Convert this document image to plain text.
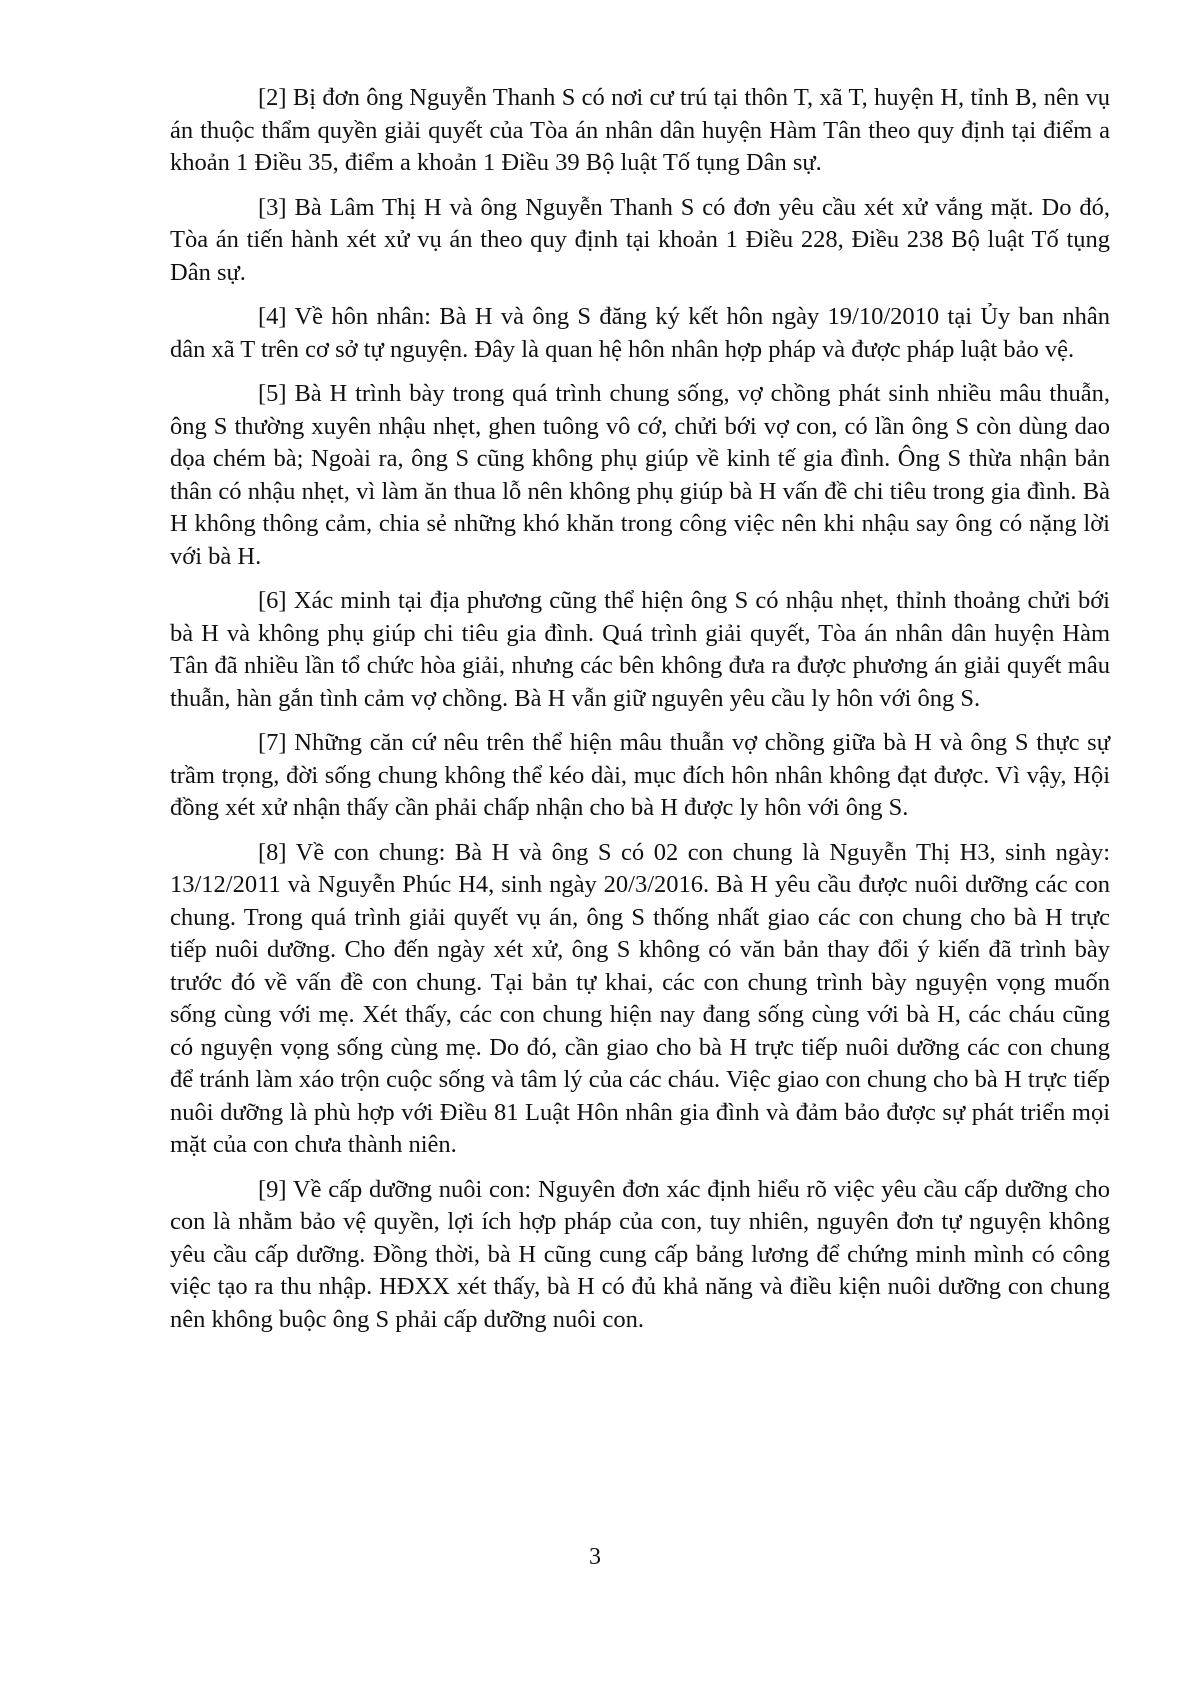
[2] Bị đơn ông Nguyễn Thanh S có nơi cư trú tại thôn T, xã T, huyện H, tỉnh B, nên vụ án thuộc thẩm quyền giải quyết của Tòa án nhân dân huyện Hàm Tân theo quy định tại điểm a khoản 1 Điều 35, điểm a khoản 1 Điều 39 Bộ luật Tố tụng Dân sự.

[3] Bà Lâm Thị H và ông Nguyễn Thanh S có đơn yêu cầu xét xử vắng mặt. Do đó, Tòa án tiến hành xét xử vụ án theo quy định tại khoản 1 Điều 228, Điều 238 Bộ luật Tố tụng Dân sự.

[4] Về hôn nhân: Bà H và ông S đăng ký kết hôn ngày 19/10/2010 tại Ủy ban nhân dân xã T trên cơ sở tự nguyện. Đây là quan hệ hôn nhân hợp pháp và được pháp luật bảo vệ.

[5] Bà H trình bày trong quá trình chung sống, vợ chồng phát sinh nhiều mâu thuẫn, ông S thường xuyên nhậu nhẹt, ghen tuông vô cớ, chửi bới vợ con, có lần ông S còn dùng dao dọa chém bà; Ngoài ra, ông S cũng không phụ giúp về kinh tế gia đình. Ông S thừa nhận bản thân có nhậu nhẹt, vì làm ăn thua lỗ nên không phụ giúp bà H vấn đề chi tiêu trong gia đình. Bà H không thông cảm, chia sẻ những khó khăn trong công việc nên khi nhậu say ông có nặng lời với bà H.

[6] Xác minh tại địa phương cũng thể hiện ông S có nhậu nhẹt, thỉnh thoảng chửi bới bà H và không phụ giúp chi tiêu gia đình. Quá trình giải quyết, Tòa án nhân dân huyện Hàm Tân đã nhiều lần tổ chức hòa giải, nhưng các bên không đưa ra được phương án giải quyết mâu thuẫn, hàn gắn tình cảm vợ chồng. Bà H vẫn giữ nguyên yêu cầu ly hôn với ông S.

[7] Những căn cứ nêu trên thể hiện mâu thuẫn vợ chồng giữa bà H và ông S thực sự trầm trọng, đời sống chung không thể kéo dài, mục đích hôn nhân không đạt được. Vì vậy, Hội đồng xét xử nhận thấy cần phải chấp nhận cho bà H được ly hôn với ông S.

[8] Về con chung: Bà H và ông S có 02 con chung là Nguyễn Thị H3, sinh ngày: 13/12/2011 và Nguyễn Phúc H4, sinh ngày 20/3/2016. Bà H yêu cầu được nuôi dưỡng các con chung. Trong quá trình giải quyết vụ án, ông S thống nhất giao các con chung cho bà H trực tiếp nuôi dưỡng. Cho đến ngày xét xử, ông S không có văn bản thay đổi ý kiến đã trình bày trước đó về vấn đề con chung. Tại bản tự khai, các con chung trình bày nguyện vọng muốn sống cùng với mẹ. Xét thấy, các con chung hiện nay đang sống cùng với bà H, các cháu cũng có nguyện vọng sống cùng mẹ. Do đó, cần giao cho bà H trực tiếp nuôi dưỡng các con chung để tránh làm xáo trộn cuộc sống và tâm lý của các cháu. Việc giao con chung cho bà H trực tiếp nuôi dưỡng là phù hợp với Điều 81 Luật Hôn nhân gia đình và đảm bảo được sự phát triển mọi mặt của con chưa thành niên.

[9] Về cấp dưỡng nuôi con: Nguyên đơn xác định hiểu rõ việc yêu cầu cấp dưỡng cho con là nhằm bảo vệ quyền, lợi ích hợp pháp của con, tuy nhiên, nguyên đơn tự nguyện không yêu cầu cấp dưỡng. Đồng thời, bà H cũng cung cấp bảng lương để chứng minh mình có công việc tạo ra thu nhập. HĐXX xét thấy, bà H có đủ khả năng và điều kiện nuôi dưỡng con chung nên không buộc ông S phải cấp dưỡng nuôi con.

3
